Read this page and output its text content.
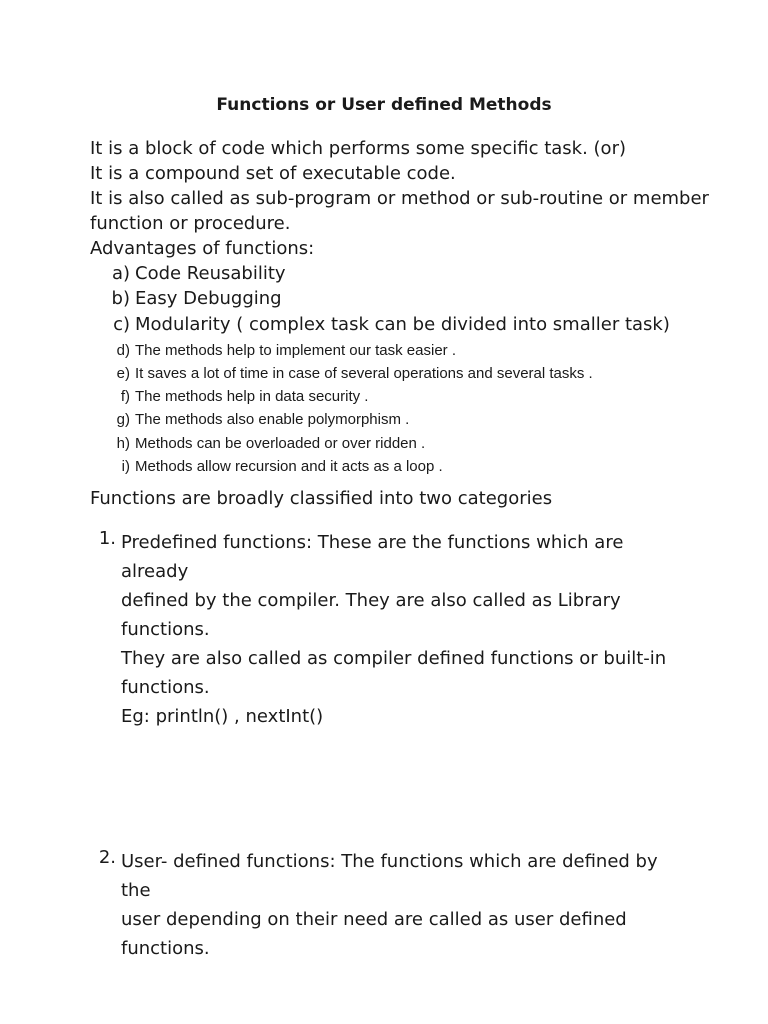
Functions or User defined Methods
It is a block of code which performs some specific task. (or)
It is a compound set of executable code.
It is also called as sub-program or method or sub-routine or member
function or procedure.
Advantages of functions:
a) Code Reusability
b) Easy Debugging
c) Modularity ( complex task can be divided into smaller task)
d) The methods help to implement our task easier .
e) It saves a lot of time in case of several operations and several tasks .
f) The methods help in data security .
g) The methods also enable polymorphism .
h) Methods can be overloaded or over ridden .
i) Methods allow recursion and it acts as a loop .
Functions are broadly classified into two categories
1. Predefined functions: These are the functions which are already
defined by the compiler. They are also called as Library functions.
They are also called as compiler defined functions or built-in
functions.
Eg: println() , nextInt()
2. User- defined functions: The functions which are defined by the
user depending on their need are called as user defined functions.
